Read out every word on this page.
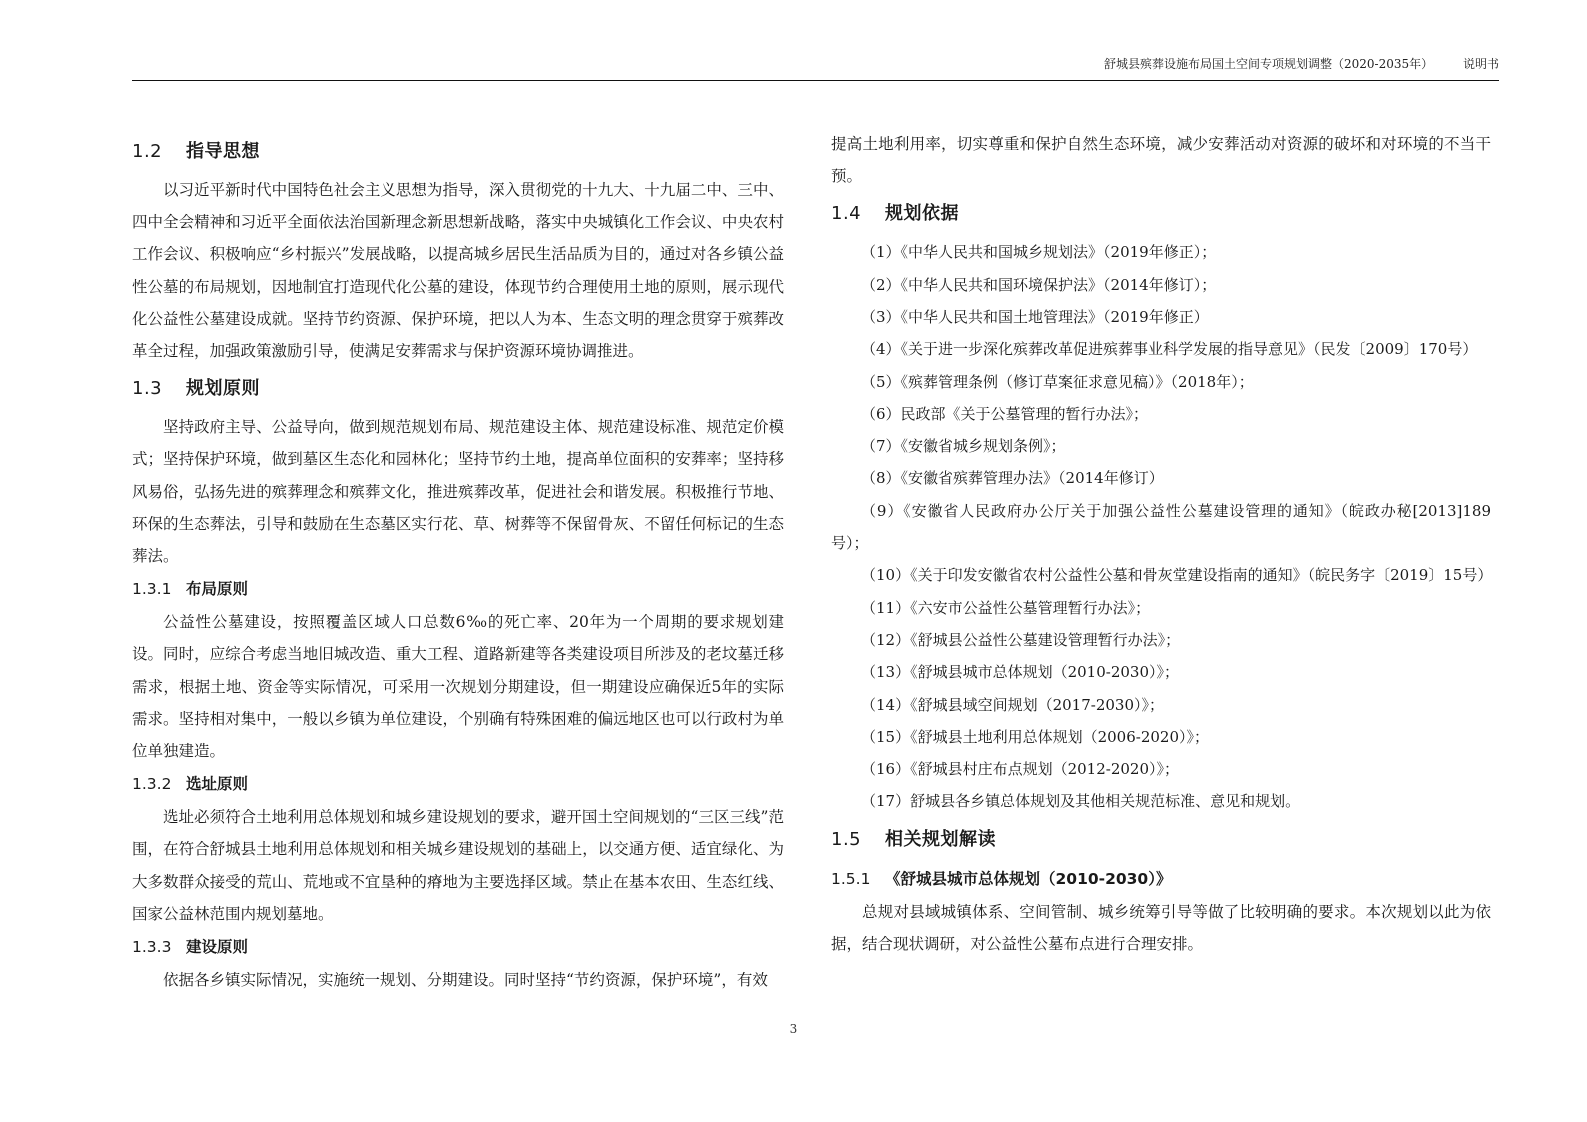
舒城县殡葬设施布局国土空间专项规划调整（2020-2035年） 说明书
1.2 指导思想

以习近平新时代中国特色社会主义思想为指导，深入贯彻党的十九大、十九届二中、三中、四中全会精神和习近平全面依法治国新理念新思想新战略，落实中央城镇化工作会议、中央农村工作会议、积极响应“乡村振兴”发展战略，以提高城乡居民生活品质为目的，通过对各乡镇公益性公墓的布局规划，因地制宜打造现代化公墓的建设，体现节约合理使用土地的原则，展示现代化公益性公墓建设成就。坚持节约资源、保护环境，把以人为本、生态文明的理念贯穿于殡葬改革全过程，加强政策激励引导，使满足安葬需求与保护资源环境协调推进。

1.3 规划原则

坚持政府主导、公益导向，做到规范规划布局、规范建设主体、规范建设标准、规范定价模式；坚持保护环境，做到墓区生态化和园林化；坚持节约土地，提高单位面积的安葬率；坚持移风易俗，弘扬先进的殡葬理念和殡葬文化，推进殡葬改革，促进社会和谐发展。积极推行节地、环保的生态葬法，引导和鼓励在生态墓区实行花、草、树葬等不保留骨灰、不留任何标记的生态葬法。

1.3.1 布局原则

公益性公墓建设，按照覆盖区域人口总数6‰的死亡率、20年为一个周期的要求规划建设。同时，应综合考虑当地旧城改造、重大工程、道路新建等各类建设项目所涉及的老坟墓迁移需求，根据土地、资金等实际情况，可采用一次规划分期建设，但一期建设应确保近5年的实际需求。坚持相对集中，一般以乡镇为单位建设，个别确有特殊困难的偏远地区也可以行政村为单位单独建造。

1.3.2 选址原则

选址必须符合土地利用总体规划和城乡建设规划的要求，避开国土空间规划的“三区三线”范围，在符合舒城县土地利用总体规划和相关城乡建设规划的基础上，以交通方便、适宜绿化、为大多数群众接受的荒山、荒地或不宜垦种的瘠地为主要选择区域。禁止在基本农田、生态红线、国家公益林范围内规划墓地。

1.3.3 建设原则

依据各乡镇实际情况，实施统一规划、分期建设。同时坚持“节约资源，保护环境”，有效

提高土地利用率，切实尊重和保护自然生态环境，减少安葬活动对资源的破坏和对环境的不当干预。

1.4 规划依据

（1）《中华人民共和国城乡规划法》（2019年修正）；

（2）《中华人民共和国环境保护法》（2014年修订）；

（3）《中华人民共和国土地管理法》（2019年修正）

（4）《关于进一步深化殡葬改革促进殡葬事业科学发展的指导意见》（民发〔2009〕170号）

（5）《殡葬管理条例（修订草案征求意见稿）》（2018年）；

（6）民政部《关于公墓管理的暂行办法》；

（7）《安徽省城乡规划条例》；

（8）《安徽省殡葬管理办法》（2014年修订）

（9）《安徽省人民政府办公厅关于加强公益性公墓建设管理的通知》（皖政办秘[2013]189号）；

（10）《关于印发安徽省农村公益性公墓和骨灰堂建设指南的通知》（皖民务字〔2019〕15号）

（11）《六安市公益性公墓管理暂行办法》；

（12）《舒城县公益性公墓建设管理暂行办法》；

（13）《舒城县城市总体规划（2010-2030）》；

（14）《舒城县域空间规划（2017-2030）》；

（15）《舒城县土地利用总体规划（2006-2020）》；

（16）《舒城县村庄布点规划（2012-2020）》；

（17）舒城县各乡镇总体规划及其他相关规范标准、意见和规划。

1.5 相关规划解读
1.5.1 《舒城县城市总体规划（2010-2030）》

总规对县域城镇体系、空间管制、城乡统筹引导等做了比较明确的要求。本次规划以此为依据，结合现状调研，对公益性公墓布点进行合理安排。

3
